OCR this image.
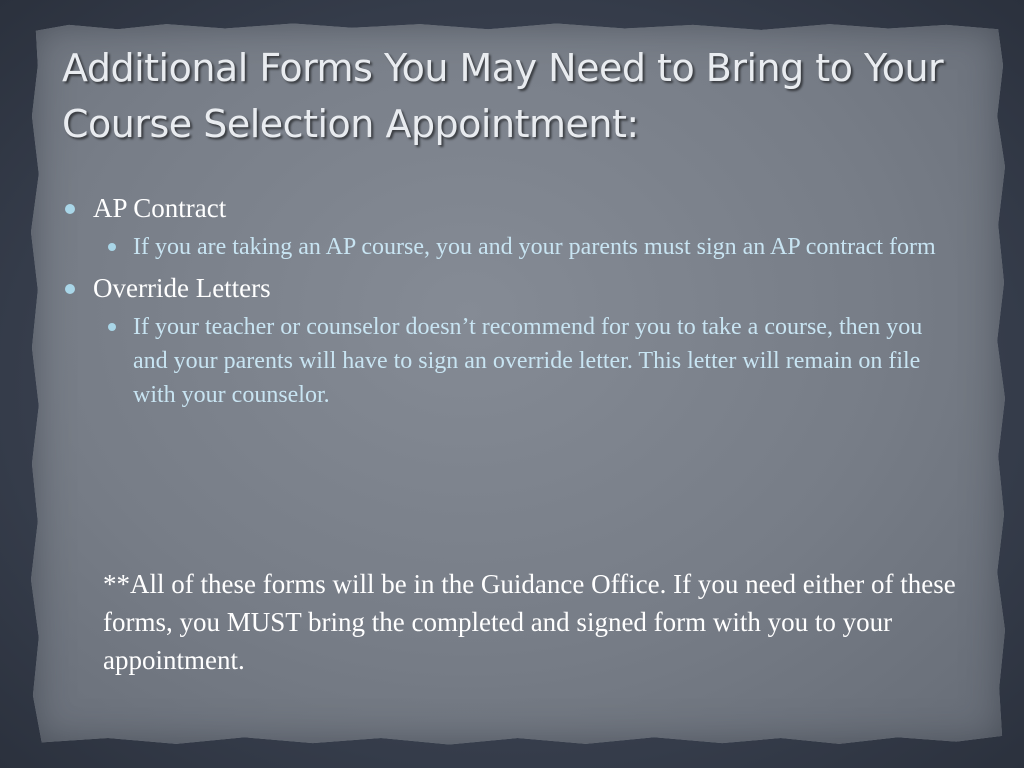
Additional Forms You May Need to Bring to Your Course Selection Appointment:
AP Contract
If you are taking an AP course, you and your parents must sign an AP contract form
Override Letters
If your teacher or counselor doesn’t recommend for you to take a course, then you and your parents will have to sign an override letter. This letter will remain on file with your counselor.

**All of these forms will be in the Guidance Office. If you need either of these forms, you MUST bring the completed and signed form with you to your appointment.
